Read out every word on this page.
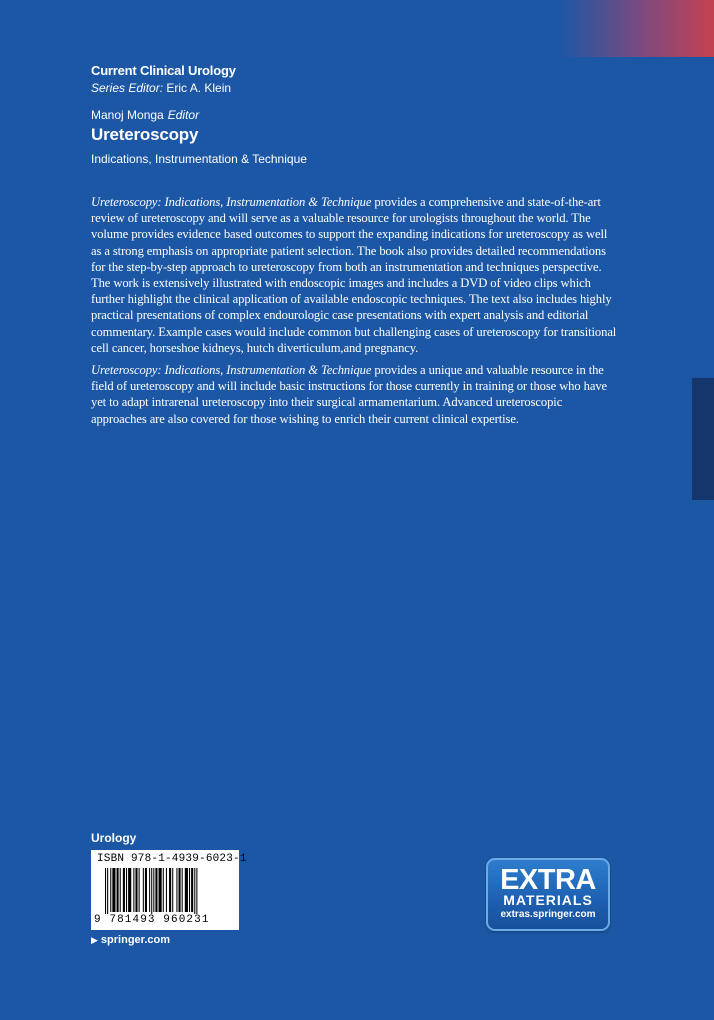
Current Clinical Urology
Series Editor: Eric A. Klein
Manoj Monga Editor
Ureteroscopy
Indications, Instrumentation & Technique

Ureteroscopy: Indications, Instrumentation & Technique provides a comprehensive and state-of-the-art review of ureteroscopy and will serve as a valuable resource for urologists throughout the world. The volume provides evidence based outcomes to support the expanding indications for ureteroscopy as well as a strong emphasis on appropriate patient selection. The book also provides detailed recommendations for the step-by-step approach to ureteroscopy from both an instrumentation and techniques perspective. The work is extensively illustrated with endoscopic images and includes a DVD of video clips which further highlight the clinical application of available endoscopic techniques. The text also includes highly practical presentations of complex endourologic case presentations with expert analysis and editorial commentary. Example cases would include common but challenging cases of ureteroscopy for transitional cell cancer, horseshoe kidneys, hutch diverticulum,and pregnancy.

Ureteroscopy: Indications, Instrumentation & Technique provides a unique and valuable resource in the field of ureteroscopy and will include basic instructions for those currently in training or those who have yet to adapt intrarenal ureteroscopy into their surgical armamentarium. Advanced ureteroscopic approaches are also covered for those wishing to enrich their current clinical expertise.

Urology
ISBN 978-1-4939-6023-1
9 781493 960231
▶ springer.com
EXTRA
MATERIALS
extras.springer.com
